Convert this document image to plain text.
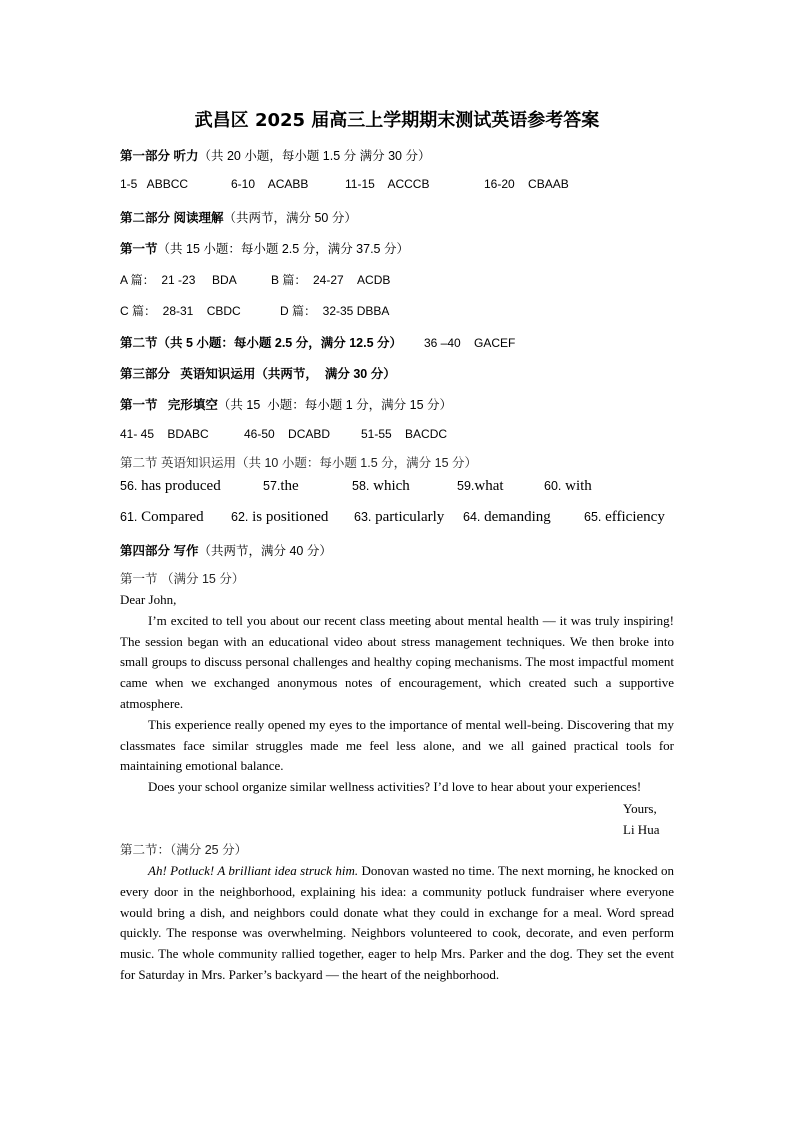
武昌区 2025 届高三上学期期末测试英语参考答案
第一部分 听力（共 20 小题，每小题 1.5 分 满分 30 分）
1-5   ABBCC	6-10    ACABB	11-15    ACCCB	16-20    CBAAB
第二部分 阅读理解（共两节，满分 50 分）
第一节（共 15 小题：每小题 2.5 分，满分 37.5 分）
A 篇：  21 -23     BDA	B 篇：  24-27    ACDB
C 篇：  28-31    CBDC	D 篇：  32-35 DBBA
第二节（共 5 小题：每小题 2.5 分，满分 12.5 分） 36 –40    GACEF
第三部分   英语知识运用（共两节，  满分 30 分）
第一节   完形填空（共 15  小题：每小题 1 分，满分 15 分）
41- 45    BDABC	46-50    DCABD	51-55    BACDC
第二节 英语知识运用（共 10 小题：每小题 1.5 分，满分 15 分）
56. has produced	57.the	58. which	59.what	60. with
61. Compared	62. is positioned	63. particularly	64. demanding	65. efficiency
第四部分 写作（共两节，满分 40 分）
第一节 （满分 15 分）
Dear John,
I’m excited to tell you about our recent class meeting about mental health — it was truly inspiring! The session began with an educational video about stress management techniques. We then broke into small groups to discuss personal challenges and healthy coping mechanisms. The most impactful moment came when we exchanged anonymous notes of encouragement, which created such a supportive atmosphere.
This experience really opened my eyes to the importance of mental well-being. Discovering that my classmates face similar struggles made me feel less alone, and we all gained practical tools for maintaining emotional balance.
Does your school organize similar wellness activities? I’d love to hear about your experiences!
Yours,
Li Hua
第二节：（满分 25 分）
Ah! Potluck! A brilliant idea struck him. Donovan wasted no time. The next morning, he knocked on every door in the neighborhood, explaining his idea: a community potluck fundraiser where everyone would bring a dish, and neighbors could donate what they could in exchange for a meal. Word spread quickly. The response was overwhelming. Neighbors volunteered to cook, decorate, and even perform music. The whole community rallied together, eager to help Mrs. Parker and the dog. They set the event for Saturday in Mrs. Parker’s backyard — the heart of the neighborhood.
